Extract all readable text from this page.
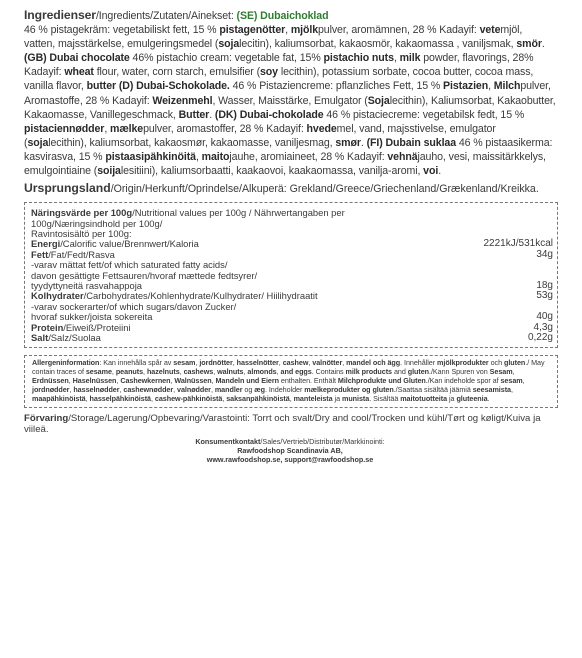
Ingredienser/Ingredients/Zutaten/Ainekset: (SE) Dubaichoklad
46 % pistagekräm: vegetabiliskt fett, 15 % pistagenötter, mjölkpulver, aromämnen, 28 % Kadayif: vetemjöl, vatten, majsstärkelse, emulgeringsmedel (sojalecitin), kaliumsorbat, kakaosmör, kakaomassa , vaniljsmak, smör. (GB) Dubai chocolate 46% pistachio cream: vegetable fat, 15% pistachio nuts, milk powder, flavorings, 28% Kadayif: wheat flour, water, corn starch, emulsifier (soy lecithin), potassium sorbate, cocoa butter, cocoa mass, vanilla flavor, butter (D) Dubai-Schokolade. 46 % Pistaziencreme: pflanzliches Fett, 15 % Pistazien, Milchpulver, Aromastoffe, 28 % Kadayif: Weizenmehl, Wasser, Maisstärke, Emulgator (Sojalecithin), Kaliumsorbat, Kakaobutter, Kakaomasse, Vanillegeschmack, Butter. (DK) Dubai-chokolade 46 % pistaciecreme: vegetabilsk fedt, 15 % pistaciennødder, mælkepulver, aromastoffer, 28 % Kadayif: hvedemel, vand, majsstivelse, emulgator (sojalecithin), kaliumsorbat, kakaosmør, kakaomasse, vaniljesmag, smør. (FI) Dubain suklaa 46 % pistaasikerma: kasvirasva, 15 % pistaasipähkinöitä, maitojauhe, aromiaineet, 28 % Kadayif: vehnäjauho, vesi, maissitärkkelys, emulgointiaine (soijalesitiini), kaliumsorbaatti, kaakaovoi, kaakaomassa, vanilja-aromi, voi.

Ursprungsland/Origin/Herkunft/Oprindelse/Alkuperä: Grekland/Greece/Griechenland/Grækenland/Kreikka.
Näringsvärde per 100g/Nutritional values per 100g / Nährwertangaben per
100g/Næringsindhold per 100g/
Ravintosisältö per 100g:
Energi/Calorific value/Brennwert/Kaloria	2221kJ/531kcal
Fett/Fat/Fedt/Rasva	34g
-varav mättat fett/of which saturated fatty acids/	
davon gesättigte Fettsauren/hvoraf mættede fedtsyrer/	
tyydyttyneitä rasvahappoja	18g
Kolhydrater/Carbohydrates/Kohlenhydrate/Kulhydrater/ Hiilihydraatit	53g
-varav sockerarter/of which sugars/davon Zucker/	
hvoraf sukker/joista sokereita	40g
Protein/Eiweiß/Proteiini	4,3g
Salt/Salz/Suolaa	0,22g
Allergeninformation: Kan innehålla spår av sesam, jordnötter, hasselnötter, cashew, valnötter, mandel och ägg. Innehåller mjölkprodukter och gluten./ May contain traces of sesame, peanuts, hazelnuts, cashews, walnuts, almonds, and eggs. Contains milk products and gluten./Kann Spuren von Sesam, Erdnüssen, Haselnüssen, Cashewkernen, Walnüssen, Mandeln und Eiern enthalten. Enthält Milchprodukte und Gluten./Kan indeholde spor af sesam, jordnødder, hasselnødder, cashewnødder, valnødder, mandler og æg. Indeholder mælkeprodukter og gluten./Saattaa sisältää jäämiä seesamista, maapähkinöistä, hasselpähkinöistä, cashew-pähkinöistä, saksanpähkinöistä, manteleista ja munista. Sisältää maitotuotteita ja gluteenia.
Förvaring/Storage/Lagerung/Opbevaring/Varastointi: Torrt och svalt/Dry and cool/Trocken und kühl/Tørt og køligt/Kuiva ja viileä.
Konsumentkontakt/Sales/Vertrieb/Distributør/Markkinointi:
Rawfoodshop Scandinavia AB,
www.rawfoodshop.se, support@rawfoodshop.se
